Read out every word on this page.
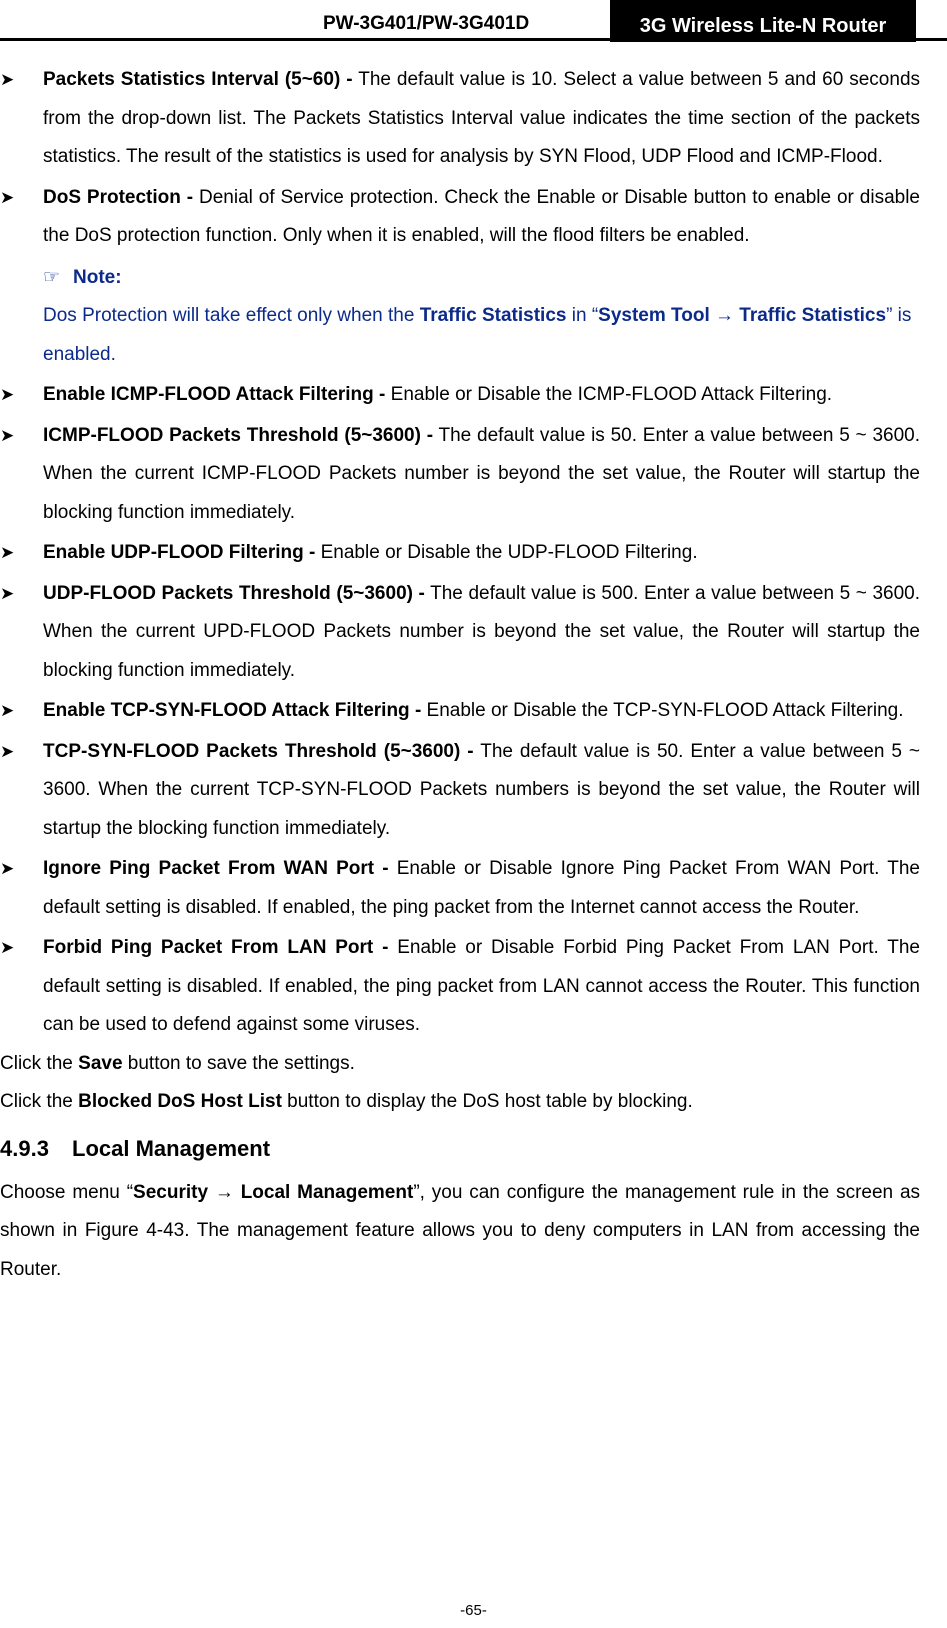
PW-3G401/PW-3G401D	3G Wireless Lite-N Router
➤ Packets Statistics Interval (5~60) - The default value is 10. Select a value between 5 and 60 seconds from the drop-down list. The Packets Statistics Interval value indicates the time section of the packets statistics. The result of the statistics is used for analysis by SYN Flood, UDP Flood and ICMP-Flood.
➤ DoS Protection - Denial of Service protection. Check the Enable or Disable button to enable or disable the DoS protection function. Only when it is enabled, will the flood filters be enabled.
☞ Note:
Dos Protection will take effect only when the Traffic Statistics in “System Tool → Traffic Statistics” is enabled.
➤ Enable ICMP-FLOOD Attack Filtering - Enable or Disable the ICMP-FLOOD Attack Filtering.
➤ ICMP-FLOOD Packets Threshold (5~3600) - The default value is 50. Enter a value between 5 ~ 3600. When the current ICMP-FLOOD Packets number is beyond the set value, the Router will startup the blocking function immediately.
➤ Enable UDP-FLOOD Filtering - Enable or Disable the UDP-FLOOD Filtering.
➤ UDP-FLOOD Packets Threshold (5~3600) - The default value is 500. Enter a value between 5 ~ 3600. When the current UPD-FLOOD Packets number is beyond the set value, the Router will startup the blocking function immediately.
➤ Enable TCP-SYN-FLOOD Attack Filtering - Enable or Disable the TCP-SYN-FLOOD Attack Filtering.
➤ TCP-SYN-FLOOD Packets Threshold (5~3600) - The default value is 50. Enter a value between 5 ~ 3600. When the current TCP-SYN-FLOOD Packets numbers is beyond the set value, the Router will startup the blocking function immediately.
➤ Ignore Ping Packet From WAN Port - Enable or Disable Ignore Ping Packet From WAN Port. The default setting is disabled. If enabled, the ping packet from the Internet cannot access the Router.
➤ Forbid Ping Packet From LAN Port - Enable or Disable Forbid Ping Packet From LAN Port. The default setting is disabled. If enabled, the ping packet from LAN cannot access the Router. This function can be used to defend against some viruses.
Click the Save button to save the settings.
Click the Blocked DoS Host List button to display the DoS host table by blocking.
4.9.3 Local Management
Choose menu “Security → Local Management”, you can configure the management rule in the screen as shown in Figure 4-43. The management feature allows you to deny computers in LAN from accessing the Router.
-65-
